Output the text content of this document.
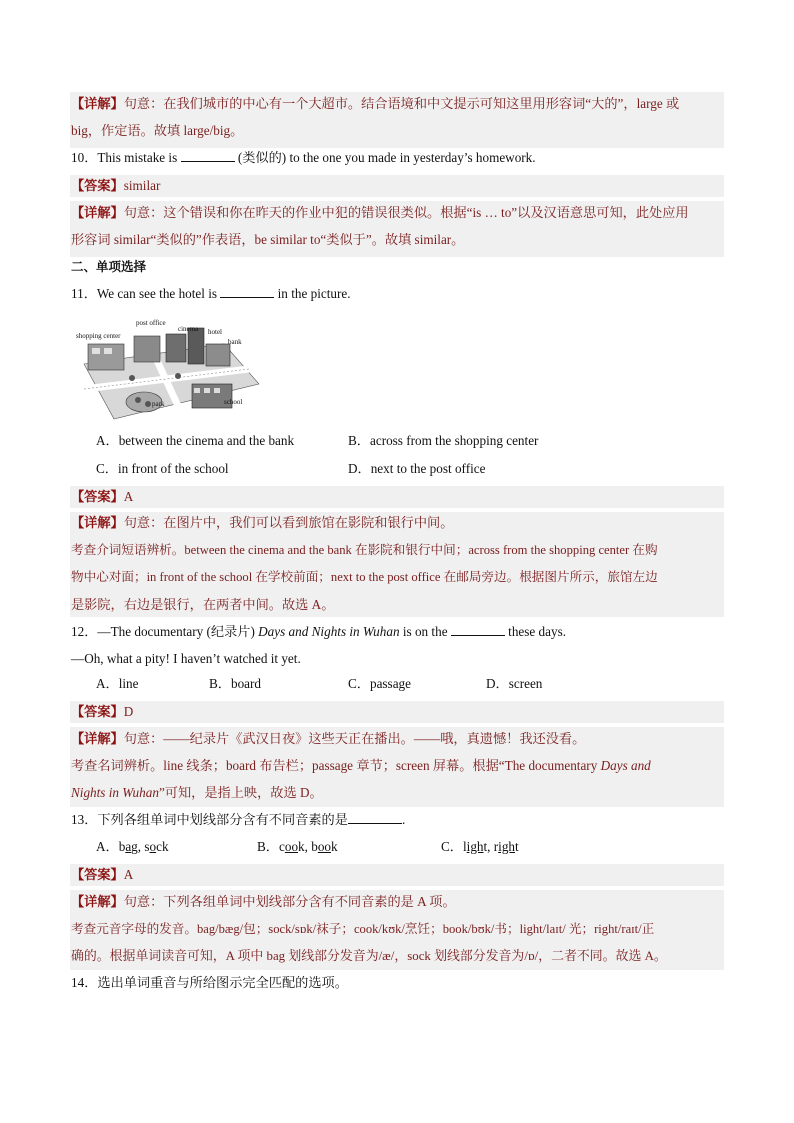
【详解】句意：在我们城市的中心有一个大超市。结合语境和中文提示可知这里用形容词“大的”，large 或
big，作定语。故填 large/big。
10．This mistake is	(类似的) to the one you made in yesterday’s homework.
【答案】similar
【详解】句意：这个错误和你在昨天的作业中犯的错误很类似。根据“is … to”以及汉语意思可知，此处应用
形容词 similar“类似的”作表语，be similar to“类似于”。故填 similar。
二、单项选择
11．We can see the hotel is	in the picture.
shopping center
post office
cinema hotel
bank
park	school
A．between the cinema and the bank	B．across from the shopping center
C．in front of the school	D．next to the post office
【答案】A
【详解】句意：在图片中，我们可以看到旅馆在影院和银行中间。
考查介词短语辨析。between the cinema and the bank 在影院和银行中间；across from the shopping center 在购
物中心对面；in front of the school 在学校前面；next to the post office 在邮局旁边。根据图片所示，旅馆左边
是影院，右边是银行，在两者中间。故选 A。
12．—The documentary (纪录片) Days and Nights in Wuhan is on the	these days.
—Oh, what a pity! I haven’t watched it yet.
A．line	B．board	C．passage	D．screen
【答案】D
【详解】句意：——纪录片《武汉日夜》这些天正在播出。——哦，真遗憾！我还没看。
考查名词辨析。line 线条；board 布告栏；passage 章节；screen 屏幕。根据“The documentary Days and
Nights in Wuhan”可知，是指上映，故选 D。
13．下列各组单词中划线部分含有不同音素的是	.
A．bag, sock	B．cook, book	C．light, right
【答案】A
【详解】句意：下列各组单词中划线部分含有不同音素的是 A 项。
考查元音字母的发音。bag/bæg/包；sock/sɒk/袜子；cook/kʊk/烹饪；book/bʊk/书；light/laɪt/ 光；right/raɪt/正
确的。根据单词读音可知，A 项中 bag 划线部分发音为/æ/，sock 划线部分发音为/ɒ/，二者不同。故选 A。
14．选出单词重音与所给图示完全匹配的选项。
